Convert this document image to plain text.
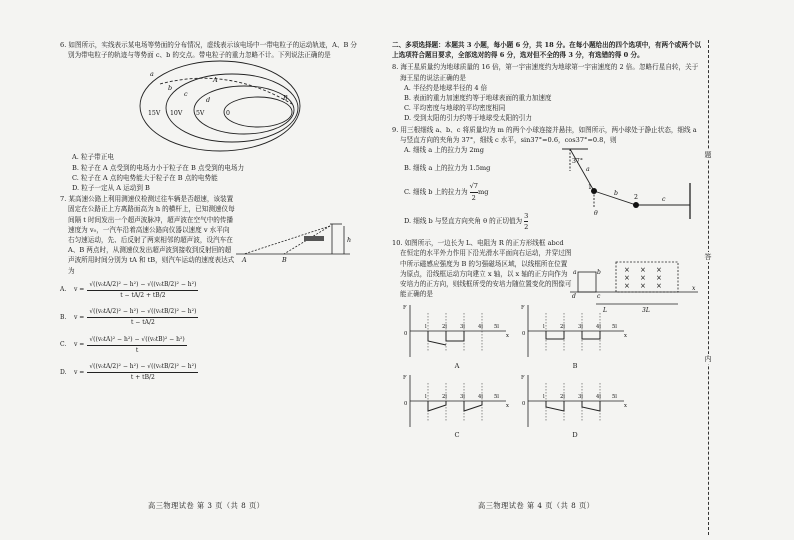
6. 如图所示，实线表示某电场等势面的分布情况，虚线表示该电场中一带电粒子的运动轨迹，A、B 分别为带电粒子的轨迹与等势面 c、b 的交点。带电粒子的重力忽略不计。下列说法正确的是
a
b
c
d
A
B
15V 10V 5V	0
A. 粒子带正电
B. 粒子在 A 点受到的电场力小于粒子在 B 点受到的电场力
C. 粒子在 A 点的电势能大于粒子在 B 点的电势能
D. 粒子一定从 A 运动到 B
7. 某高速公路上利用测速仪检测过往车辆是否超速，该装置固定在公路正上方离路面高为 h 的横杆上，已知测速仪每间隔 t 时间发出一个超声波脉冲，超声波在空气中的传播速度为 v₀，一汽车沿着高速公路向仪器以速度 v 水平向右匀速运动，先、后反射了两束相邻的超声波，设汽车在 A、B 两点时，从测速仪发出超声波到接收到反射回的超声波所用时间分别为 tA 和 tB，则汽车运动的速度表达式为
A	B
h
A.	$v = \frac{\text{√((v₀tA/2)² − h²) − √((v₀tB/2)² − h²)}}{t - tA/2 + tB/2}$
B.	$v = \frac{\text{√((v₀tA/2)² − h²) − √((v₀tB/2)² − h²)}}{t - tA/2}$
C.	$v = \frac{\text{√((v₀tA)² − h²) − √((v₀tB)² − h²)}}{t}$
D.	$v = \frac{\text{√((v₀tA/2)² − h²) − √((v₀tB/2)² − h²)}}{t + tB/2}$
高三物理试卷 第 3 页（共 8 页）
二、多项选择题：本题共 3 小题，每小题 6 分，共 18 分。在每小题给出的四个选项中，有两个或两个以上选项符合题目要求，全部选对的得 6 分，选对但不全的得 3 分，有选错的得 0 分。
8. 海王星质量约为地球质量的 16 倍，第一宇宙速度约为地球第一宇宙速度的 2 倍。忽略行星自转，关于海王星的说法正确的是
A. 半径约是地球半径的 4 倍
B. 表面的重力加速度约等于地球表面的重力加速度
C. 平均密度与地球的平均密度相同
D. 受到太阳的引力约等于地球受太阳的引力
9. 用三根细线 a、b、c 将质量均为 m 的两个小球连接并悬挂，如图所示，两小球处于静止状态，细线 a 与竖直方向的夹角为 37°，细线 c 水平，sin37°=0.6，cos37°=0.8，则
A. 细线 a 上的拉力为 2mg
B. 细线 a 上的拉力为 1.5mg
C. 细线 b 上的拉力为
√7
2
mg
D. 细线 b 与竖直方向夹角 θ 的正切值为
3
2
a
37°
1
θ
b
2	c
10. 如图所示，一边长为 L、电阻为 R 的正方形线框 abcd 在恒定的水平外力作用下沿光滑水平面向右运动，并穿过图中所示磁感应强度为 B 的匀强磁场区域，以线框所在位置为原点，沿线框运动方向建立 x 轴，以 x 轴的正方向作为安培力的正方向，则线框所受的安培力随位置变化的图像可能正确的是
× × ×
× × ×
× × ×
a	b
c
d
L	3L
x
F
0	x
l	2l	3l	4l 5l
A
F
0	x
l	2l	3l	4l 5l
B
F
0	x
l	2l	3l	4l 5l
C
F
0	x
l	2l	3l	4l 5l
D
高三物理试卷 第 4 页（共 8 页）
题
答
内
